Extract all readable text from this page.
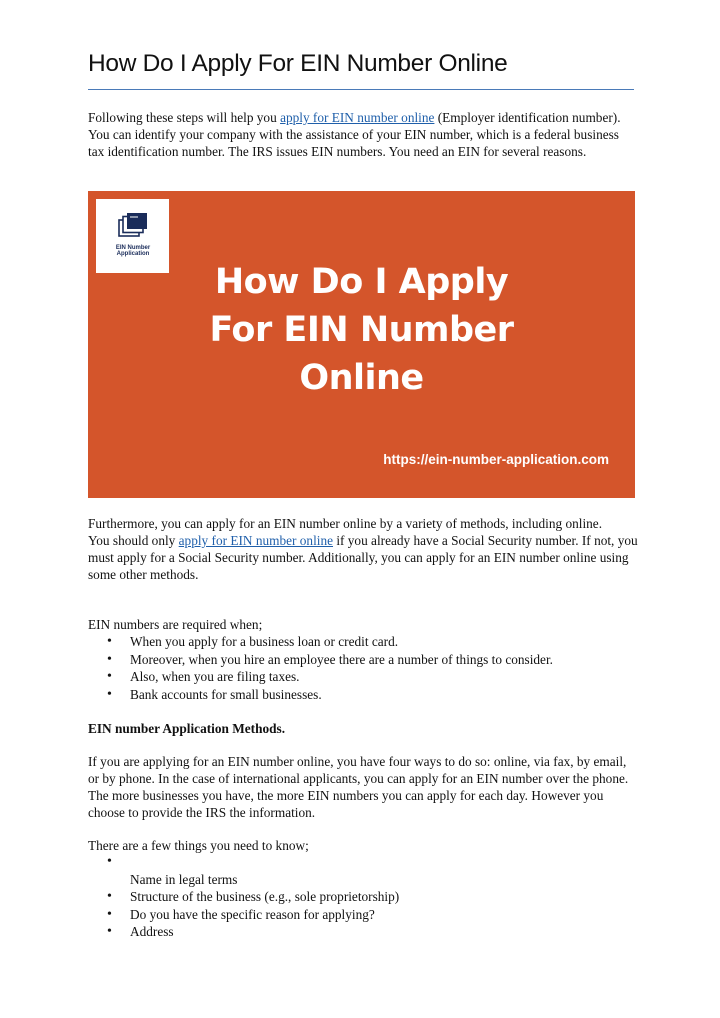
How Do I Apply For EIN Number Online

Following these steps will help you apply for EIN number online (Employer identification number). You can identify your company with the assistance of your EIN number, which is a federal business tax identification number. The IRS issues EIN numbers. You need an EIN for several reasons.

EIN Number Application
How Do I Apply
For EIN Number
Online
https://ein-number-application.com

Furthermore, you can apply for an EIN number online by a variety of methods, including online.
You should only apply for EIN number online if you already have a Social Security number. If not, you must apply for a Social Security number. Additionally, you can apply for an EIN number online using some other methods.

EIN numbers are required when;

• When you apply for a business loan or credit card.
• Moreover, when you hire an employee there are a number of things to consider.
• Also, when you are filing taxes.
• Bank accounts for small businesses.

EIN number Application Methods.

If you are applying for an EIN number online, you have four ways to do so: online, via fax, by email, or by phone. In the case of international applicants, you can apply for an EIN number over the phone. The more businesses you have, the more EIN numbers you can apply for each day. However you choose to provide the IRS the information.

There are a few things you need to know;

•
Name in legal terms
• Structure of the business (e.g., sole proprietorship)
• Do you have the specific reason for applying?
• Address
